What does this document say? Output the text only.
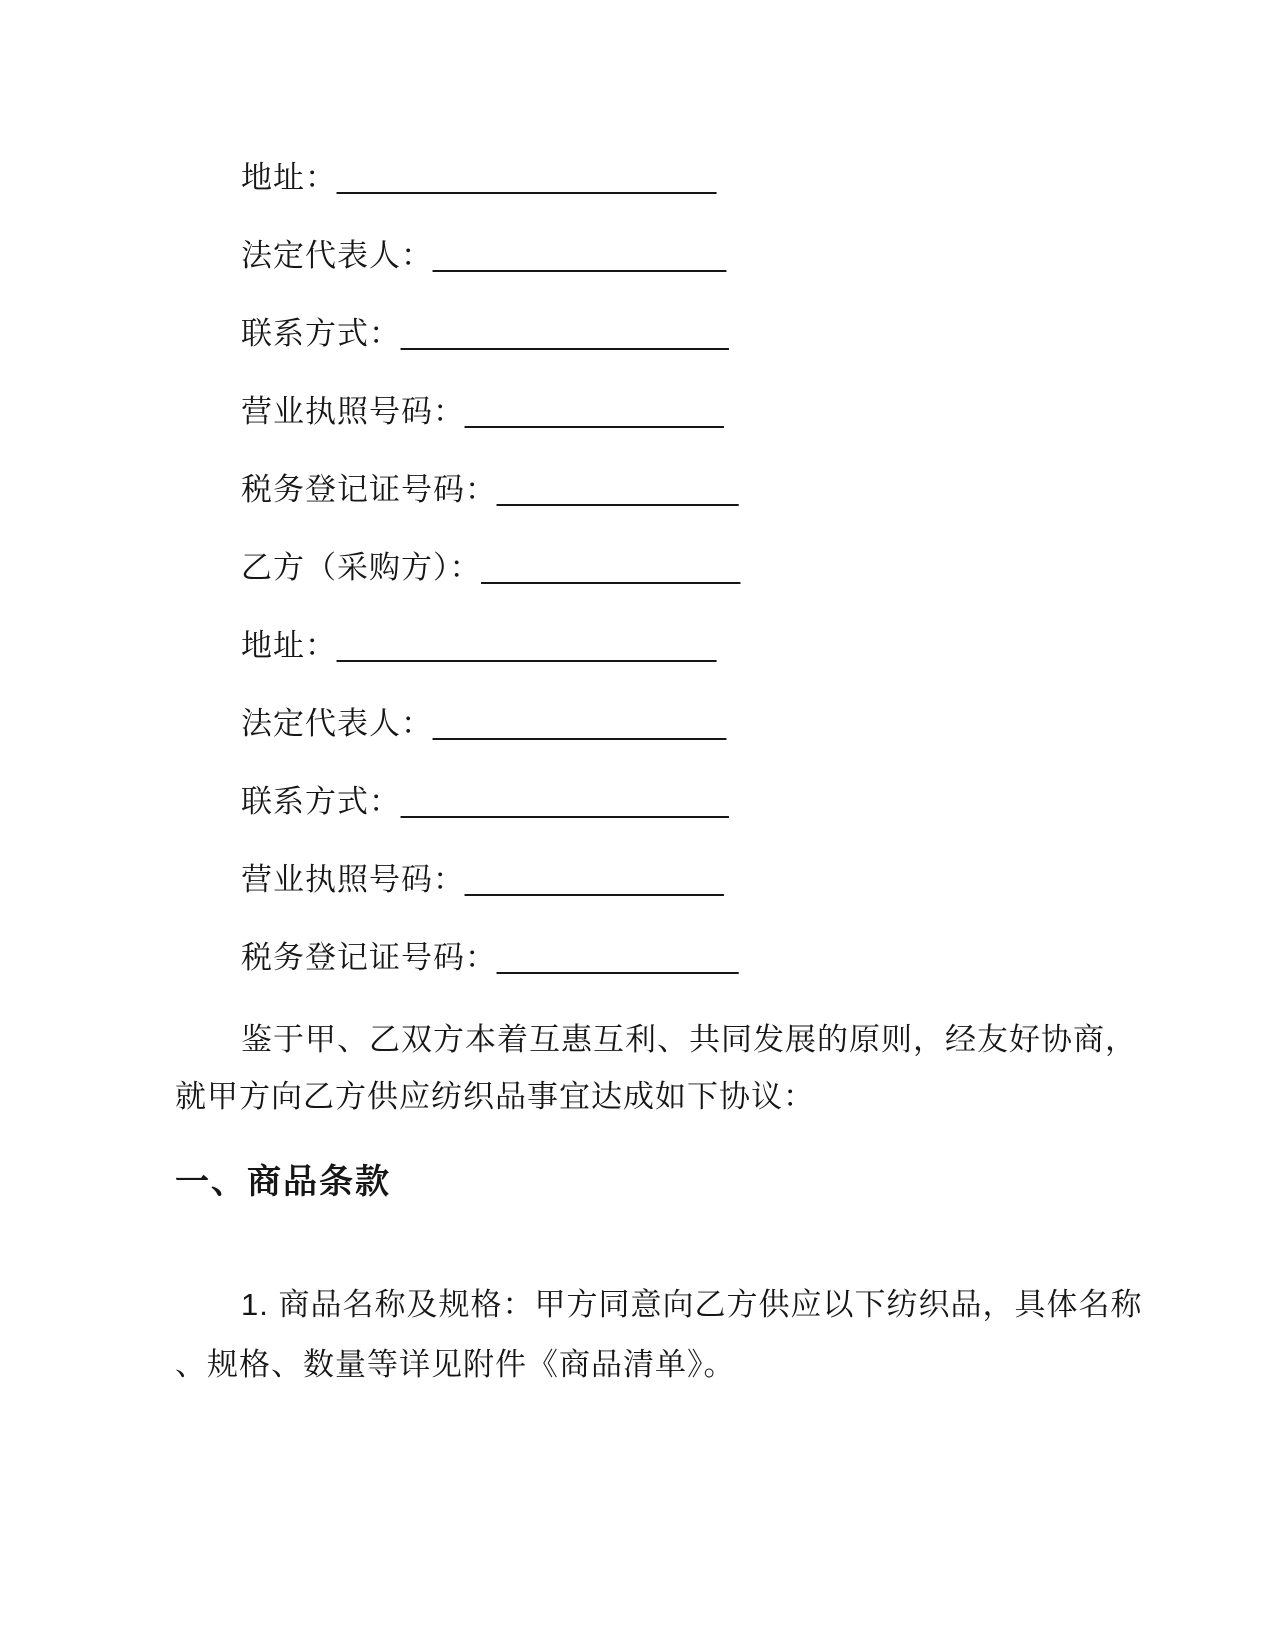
地址：______________________
法定代表人：_________________
联系方式：___________________
营业执照号码：_______________
税务登记证号码：______________
乙方（采购方）：_______________
地址：______________________
法定代表人：_________________
联系方式：___________________
营业执照号码：_______________
税务登记证号码：______________

鉴于甲、乙双方本着互惠互利、共同发展的原则，经友好协商，

就甲方向乙方供应纺织品事宜达成如下协议：

一、商品条款

1. 商品名称及规格：甲方同意向乙方供应以下纺织品，具体名称

、规格、数量等详见附件《商品清单》。
